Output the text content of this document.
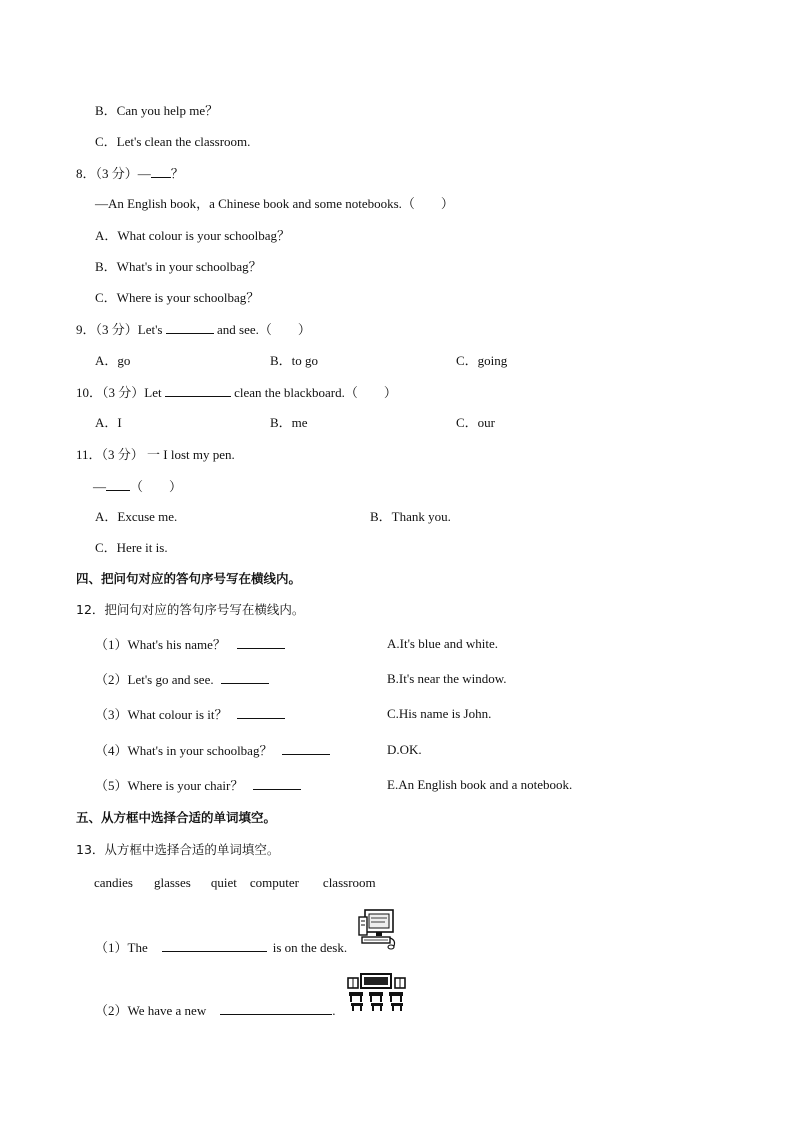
B．Can you help me？
C．Let's clean the classroom.
8．（3 分）— ？
—An English book，a Chinese book and some notebooks.（　　）
A．What colour is your schoolbag？
B．What's in your schoolbag？
C．Where is your schoolbag？
9．（3 分）Let's	and see.（　　）
A．go	B．to go	C．going
10．（3 分）Let	clean the blackboard.（　　）
A．I	B．me	C．our
11．（3 分） 一 I lost my pen.
— （　　）
A．Excuse me.	B．Thank you.
C．Here it is.
四、把问句对应的答句序号写在横线内。
12．把问句对应的答句序号写在横线内。
（1）What's his name？	A.It's blue and white.
（2）Let's go and see.	B.It's near the window.
（3）What colour is it？	C.His name is John.
（4）What's in your schoolbag？	D.OK.
（5）Where is your chair？	E.An English book and a notebook.
五、从方框中选择合适的单词填空。
13．从方框中选择合适的单词填空。
candies glasses quiet computer classroom
（1）The	is on the desk.
（2）We have a new	.
